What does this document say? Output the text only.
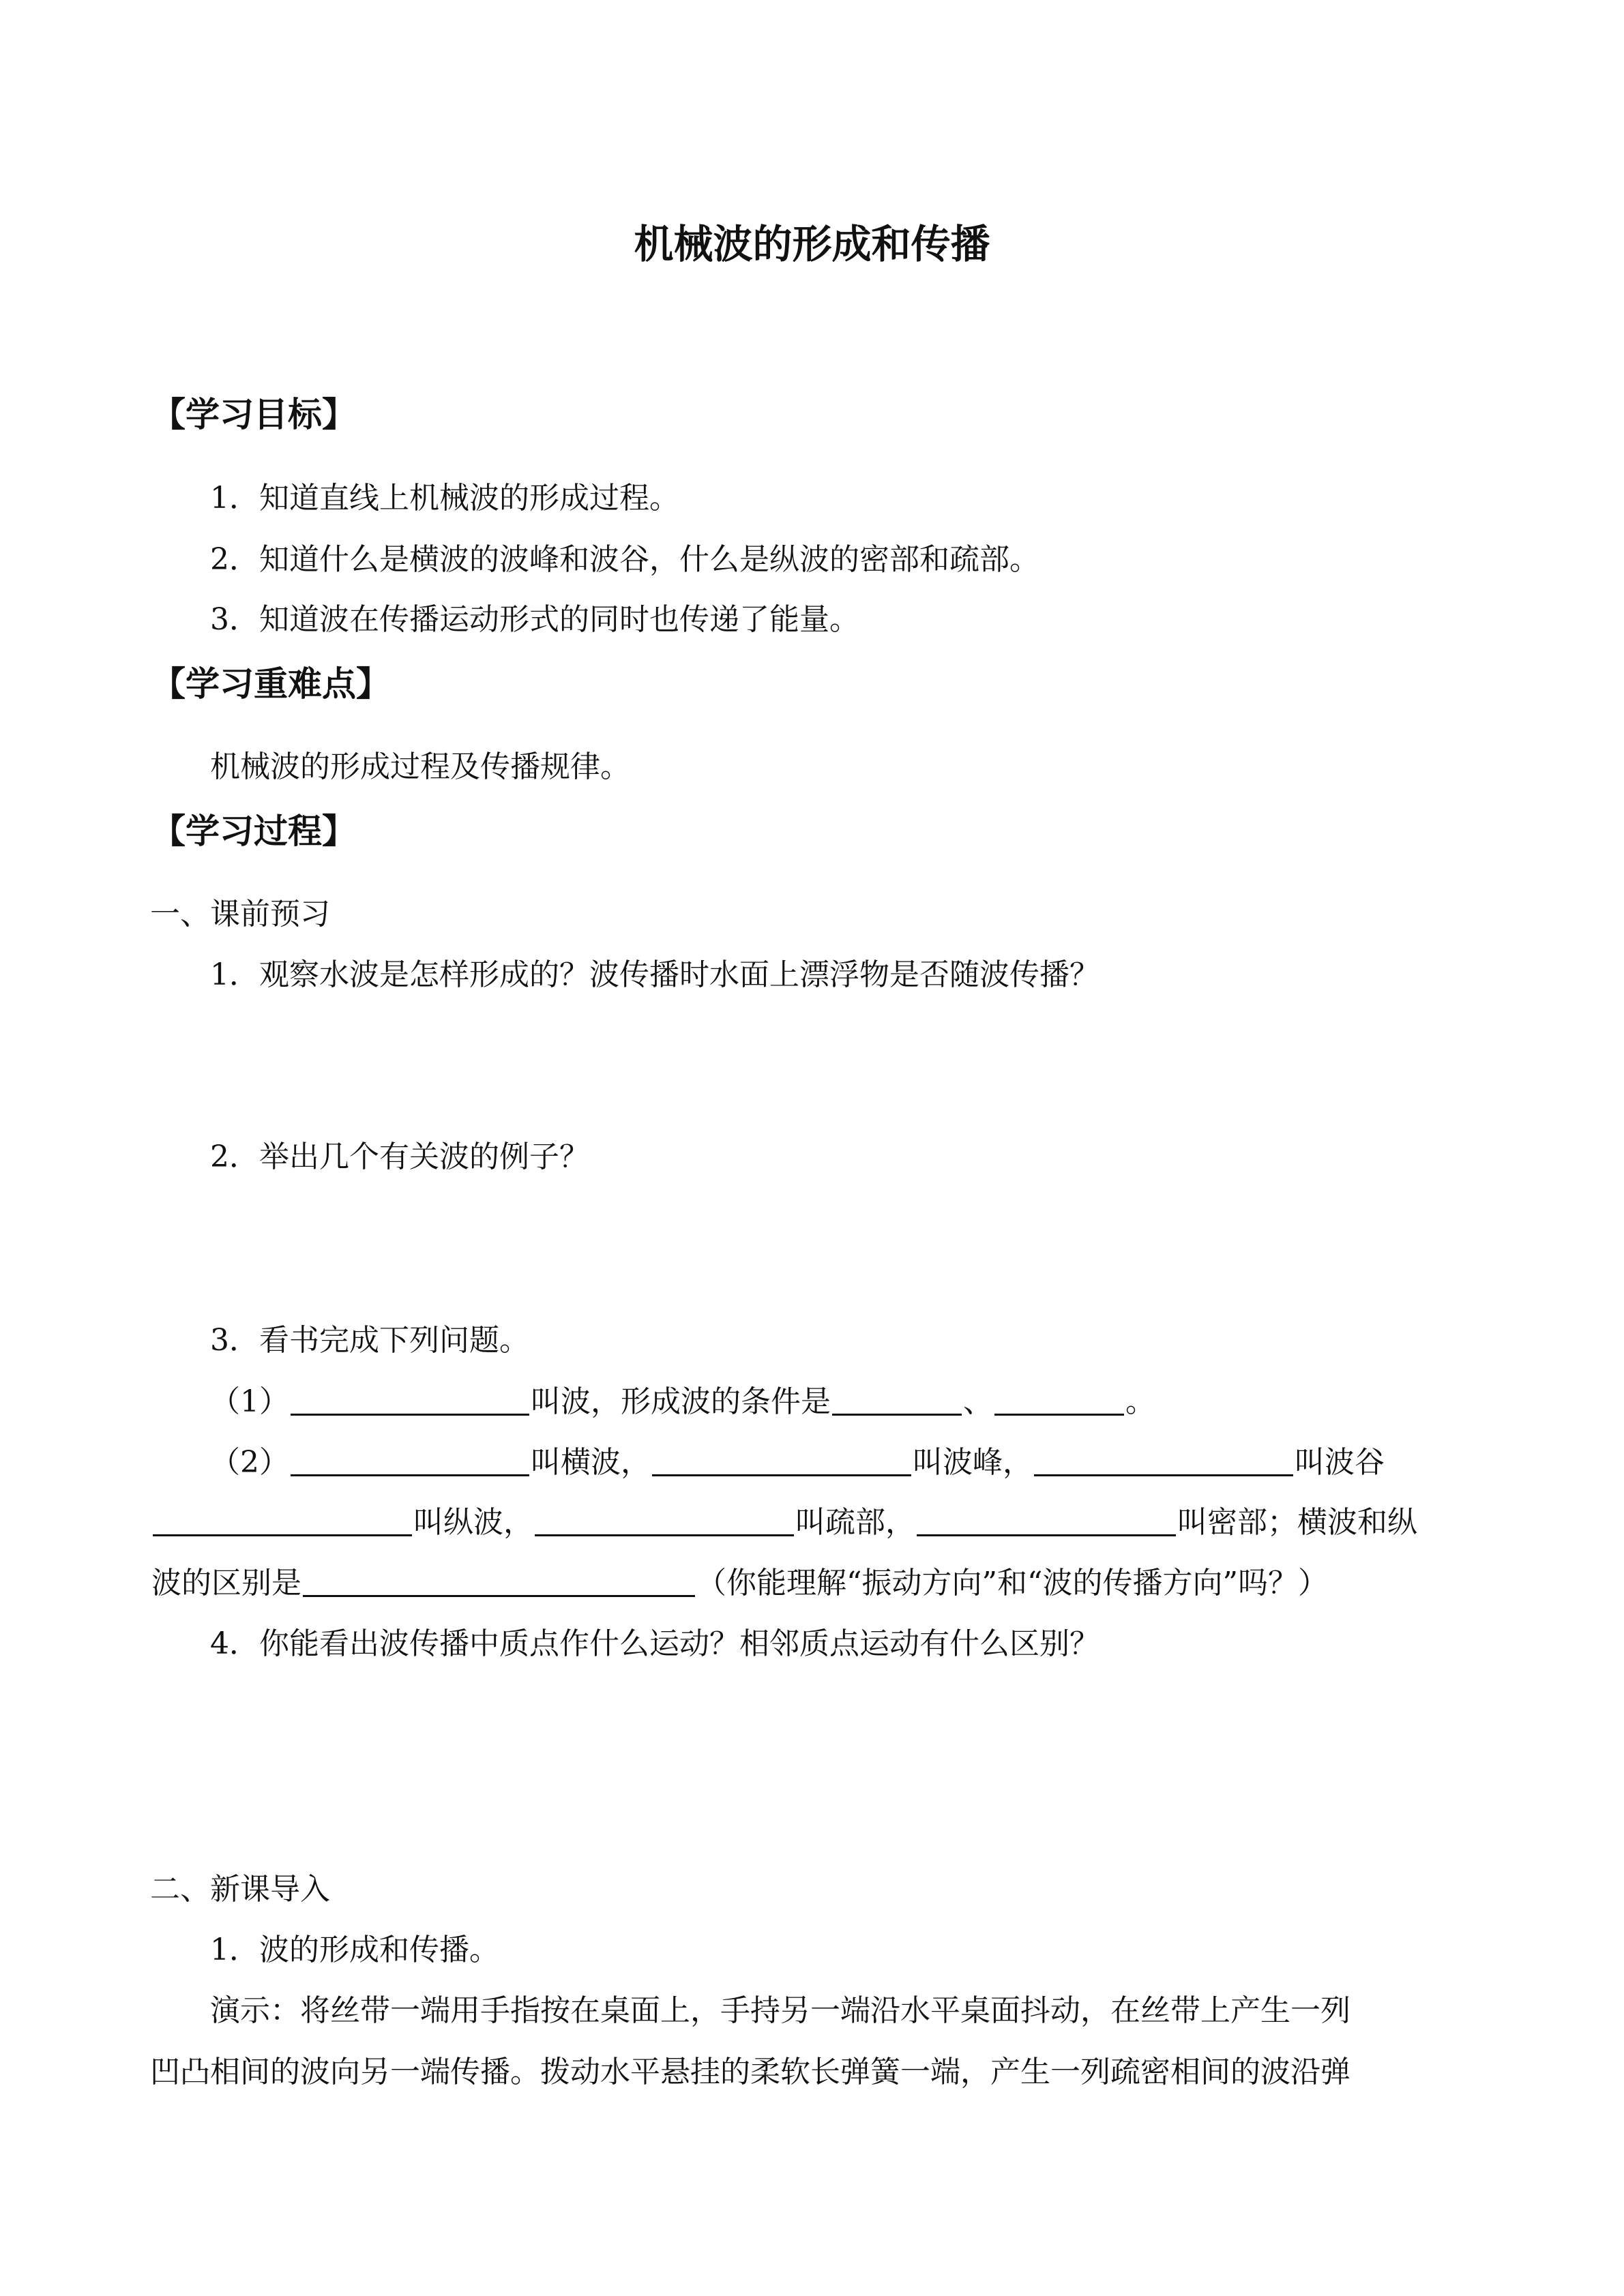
机械波的形成和传播
【学习目标】
1．知道直线上机械波的形成过程。
2．知道什么是横波的波峰和波谷，什么是纵波的密部和疏部。
3．知道波在传播运动形式的同时也传递了能量。
【学习重难点】
机械波的形成过程及传播规律。
【学习过程】
一、课前预习
1．观察水波是怎样形成的？波传播时水面上漂浮物是否随波传播？
2．举出几个有关波的例子？
3．看书完成下列问题。
（1）	叫波，形成波的条件是	、	。
（2）	叫横波，	叫波峰，	叫波谷
叫纵波，	叫疏部，	叫密部；横波和纵
波的区别是	（你能理解“振动方向”和“波的传播方向”吗？）
4．你能看出波传播中质点作什么运动？相邻质点运动有什么区别？
二、新课导入
1．波的形成和传播。
演示：将丝带一端用手指按在桌面上，手持另一端沿水平桌面抖动，在丝带上产生一列
凹凸相间的波向另一端传播。拨动水平悬挂的柔软长弹簧一端，产生一列疏密相间的波沿弹
